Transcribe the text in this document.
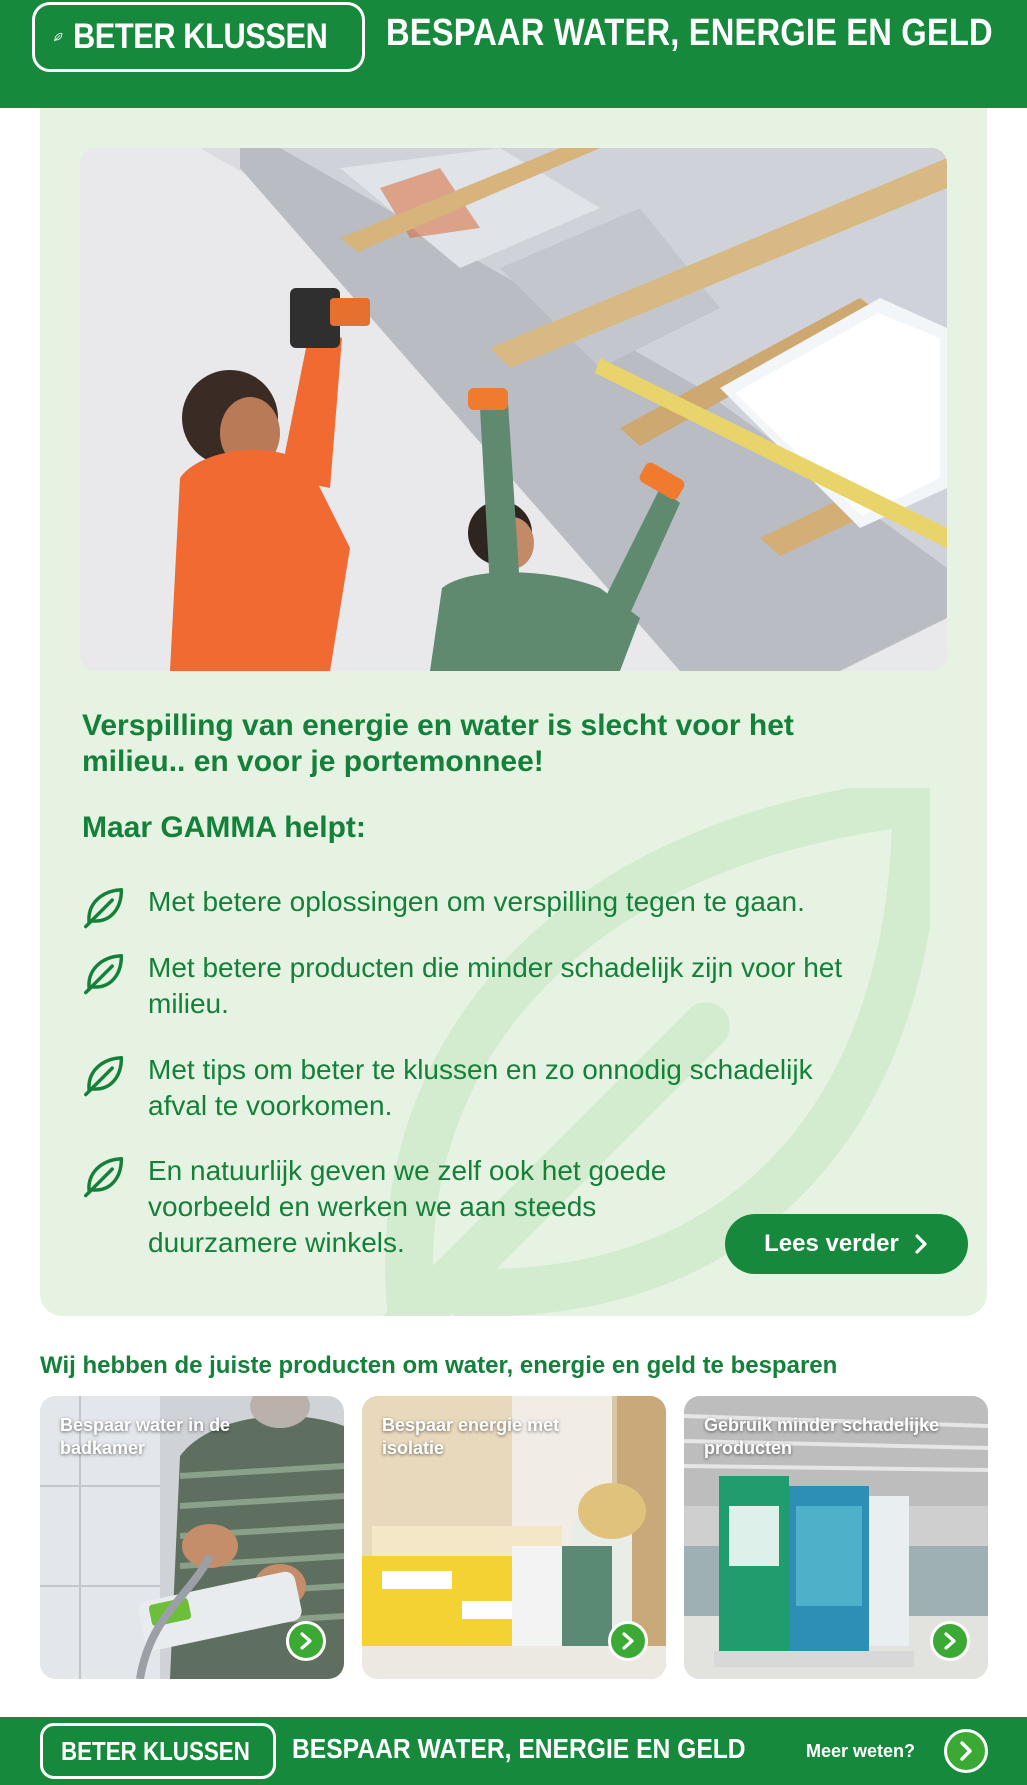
BETER KLUSSEN BESPAAR WATER, ENERGIE EN GELD
Verspilling van energie en water is slecht voor het milieu.. en voor je portemonnee!
Maar GAMMA helpt:

Met betere oplossingen om verspilling tegen te gaan.

Met betere producten die minder schadelijk zijn voor het milieu.

Met tips om beter te klussen en zo onnodig schadelijk afval te voorkomen.

En natuurlijk geven we zelf ook het goede voorbeeld en werken we aan steeds duurzamere winkels.	Lees verder
Wij hebben de juiste producten om water, energie en geld te besparen
Bespaar water in de badkamer
Bespaar energie met isolatie
Gebruik minder schadelijke producten
BETER KLUSSEN BESPAAR WATER, ENERGIE EN GELD	Meer weten?
